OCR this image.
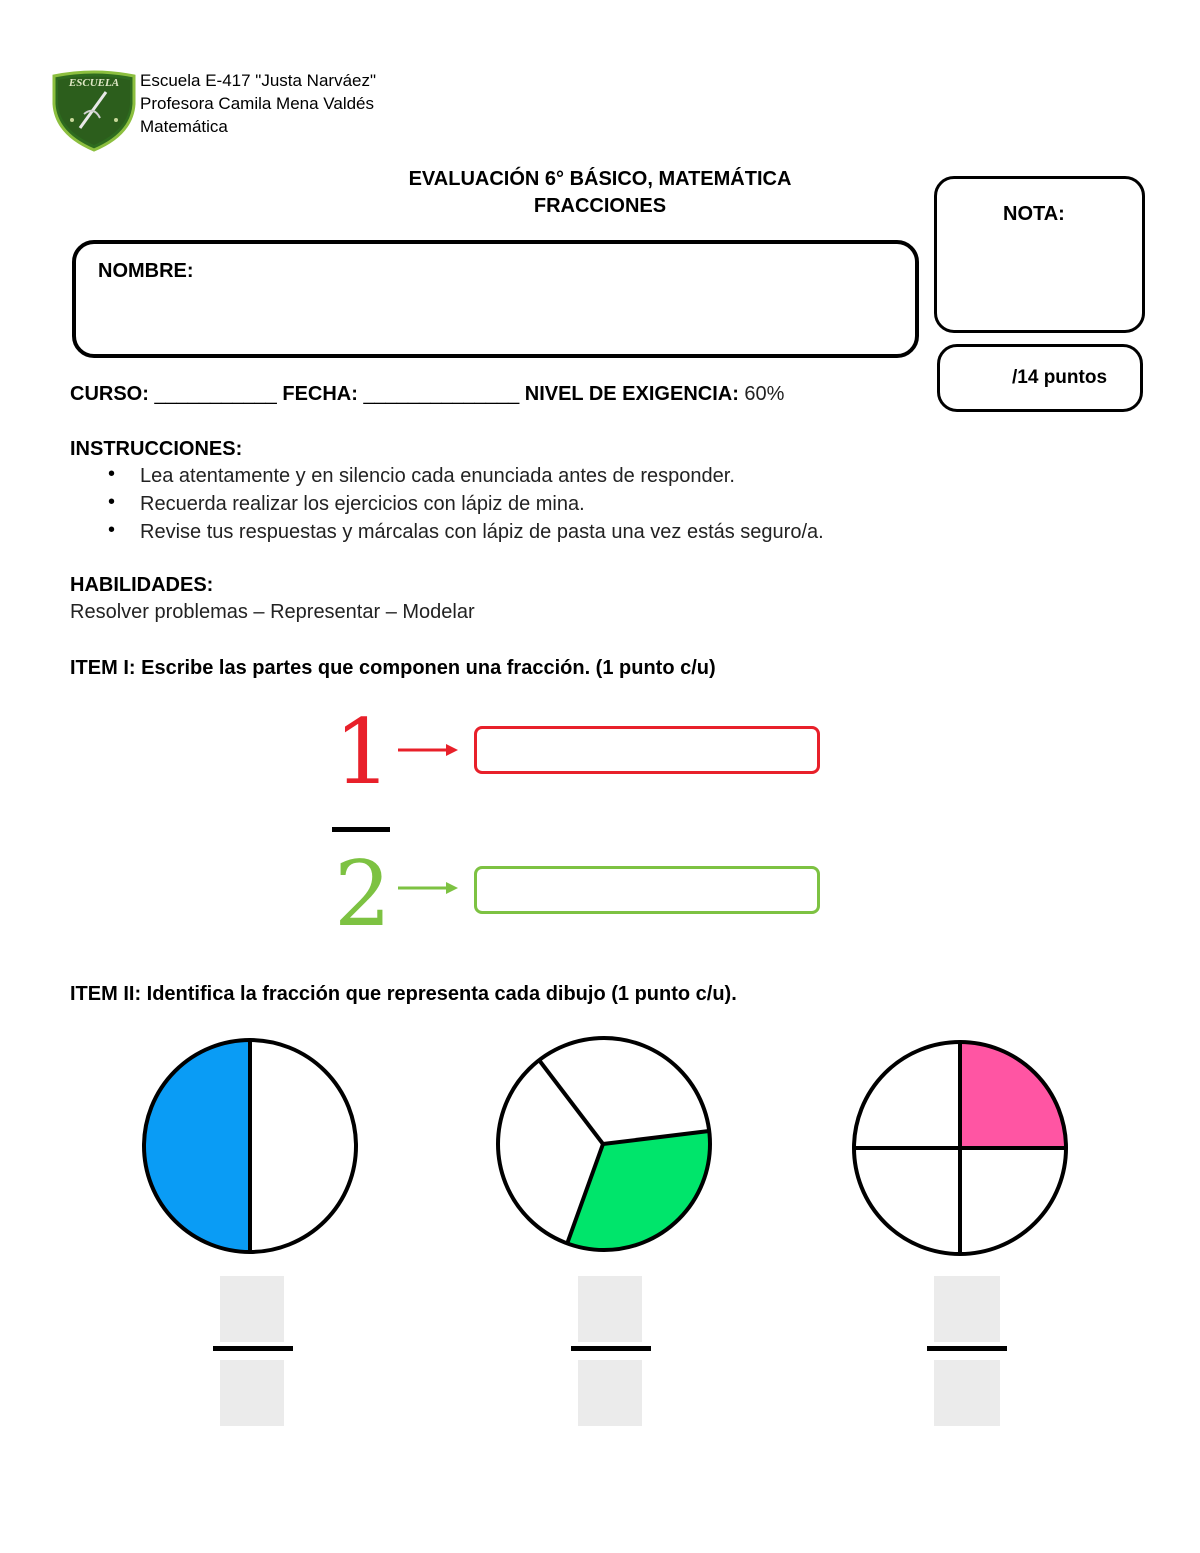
ESCUELA Escuela E-417 "Justa Narváez"
Profesora Camila Mena Valdés
Matemática
EVALUACIÓN 6° BÁSICO, MATEMÁTICA
FRACCIONES
NOMBRE:
NOTA:
/14 puntos
CURSO: ___________ FECHA: ______________ NIVEL DE EXIGENCIA: 60%
INSTRUCCIONES:
• Lea atentamente y en silencio cada enunciada antes de responder.
• Recuerda realizar los ejercicios con lápiz de mina.
• Revise tus respuestas y márcalas con lápiz de pasta una vez estás seguro/a.
HABILIDADES:
Resolver problemas – Representar – Modelar
ITEM I: Escribe las partes que componen una fracción. (1 punto c/u)
1
2
ITEM II: Identifica la fracción que representa cada dibujo (1 punto c/u).
